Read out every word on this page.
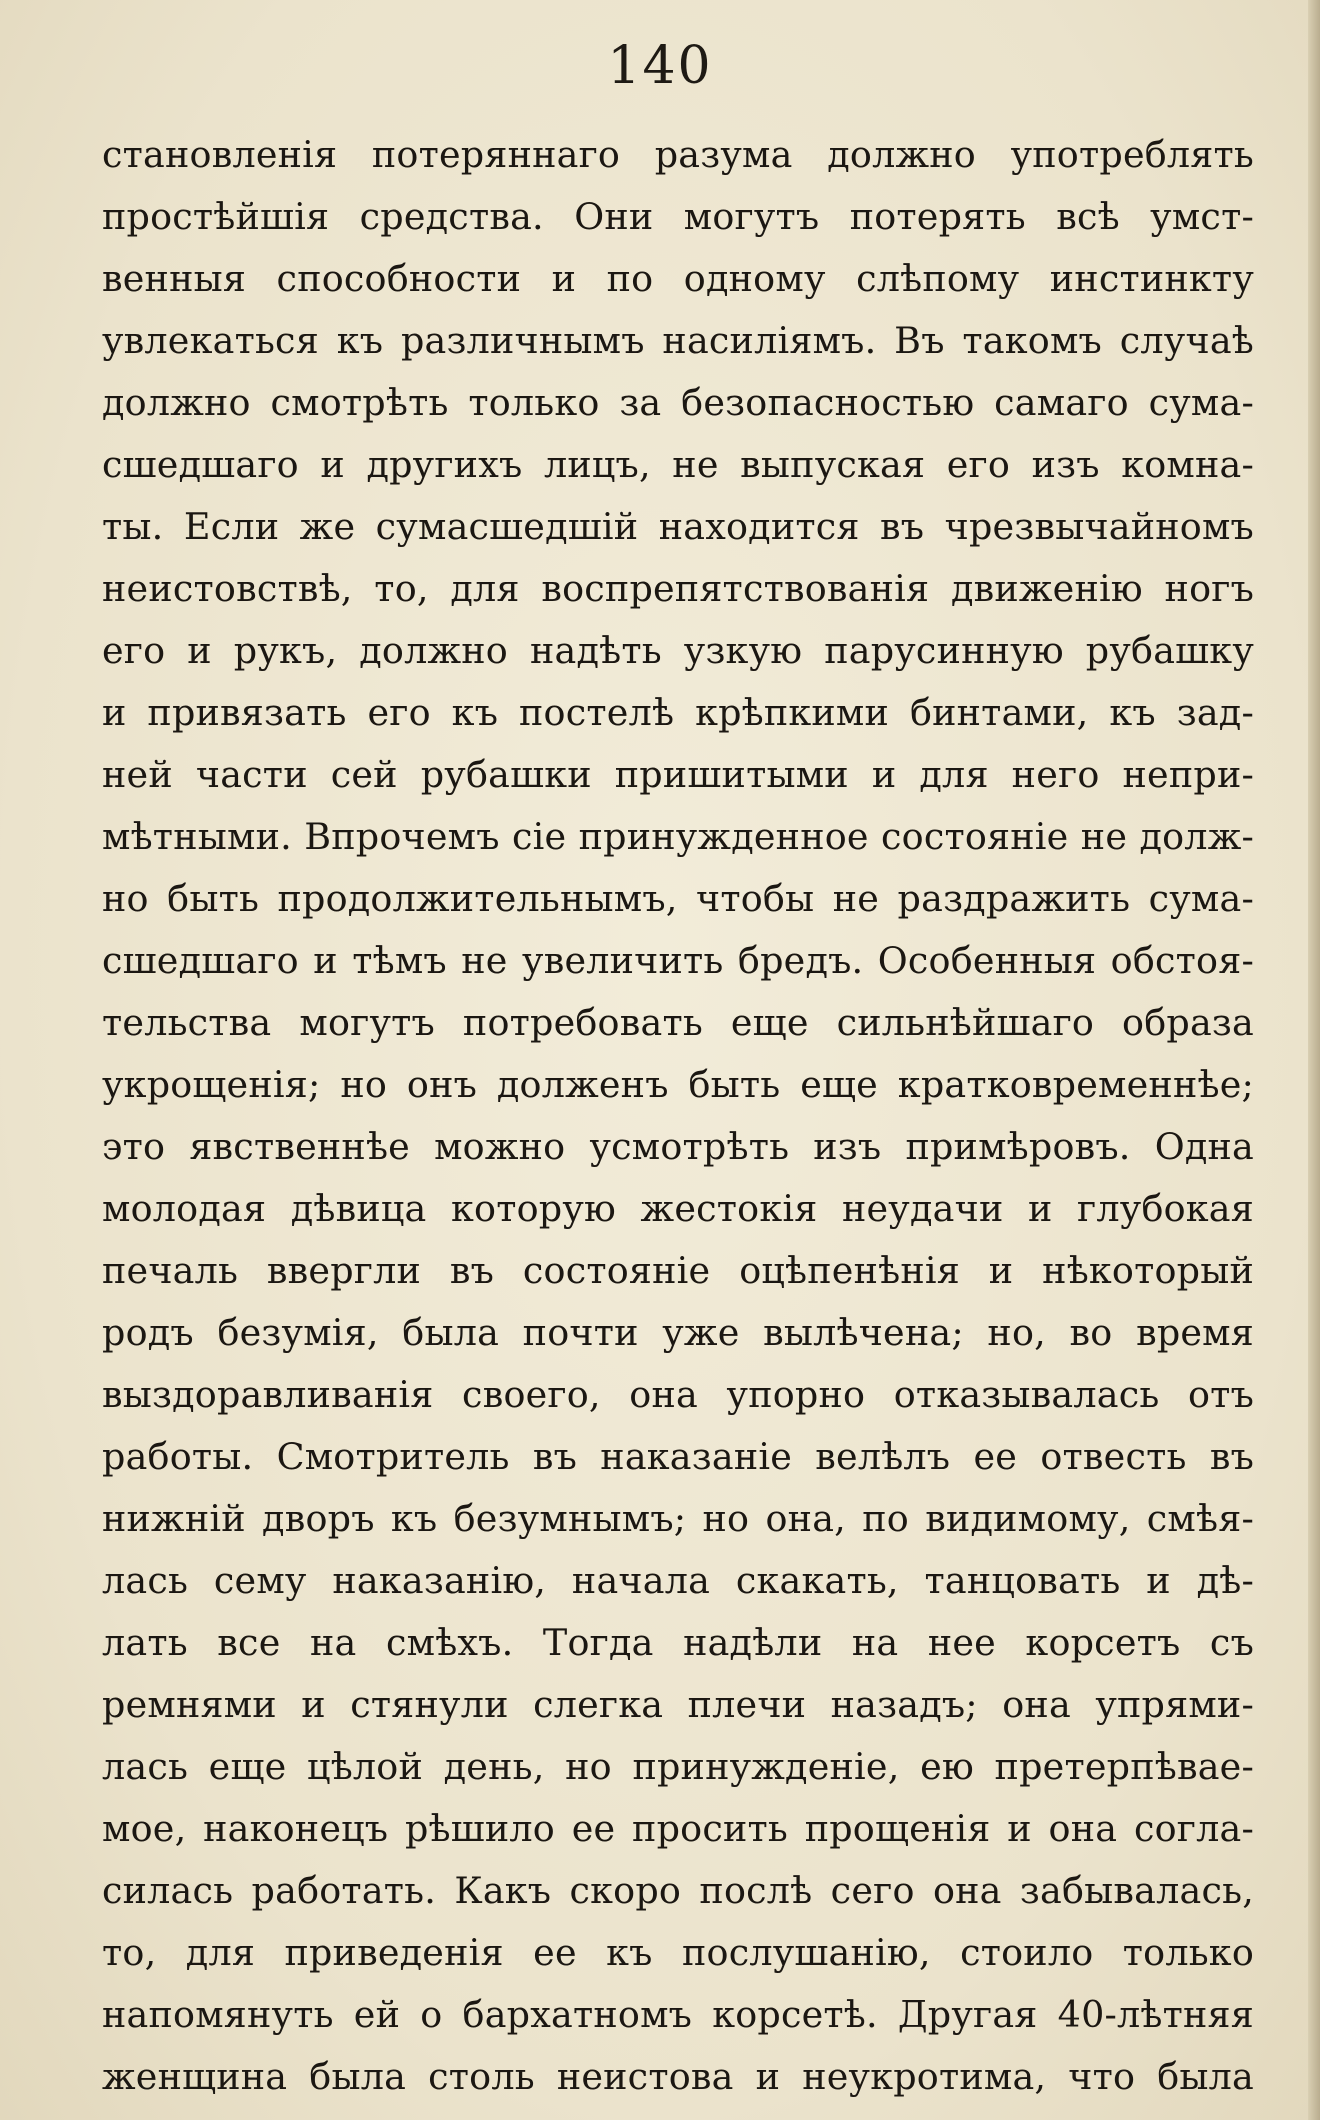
140
становленія потеряннаго разума должно употреблять
простѣйшія средства. Они могутъ потерять всѣ умст-
венныя способности и по одному слѣпому инстинкту
увлекаться къ различнымъ насиліямъ. Въ такомъ случаѣ
должно смотрѣть только за безопасностью самаго сума-
сшедшаго и другихъ лицъ, не выпуская его изъ комна-
ты. Если же сумасшедшій находится въ чрезвычайномъ
неистовствѣ, то, для воспрепятствованія движенію ногъ
его и рукъ, должно надѣть узкую парусинную рубашку
и привязать его къ постелѣ крѣпкими бинтами, къ зад-
ней части сей рубашки пришитыми и для него непри-
мѣтными. Впрочемъ сіе принужденное состояніе не долж-
но быть продолжительнымъ, чтобы не раздражить сума-
сшедшаго и тѣмъ не увеличить бредъ. Особенныя обстоя-
тельства могутъ потребовать еще сильнѣйшаго образа
укрощенія; но онъ долженъ быть еще кратковременнѣе;
это явственнѣе можно усмотрѣть изъ примѣровъ. Одна
молодая дѣвица которую жестокія неудачи и глубокая
печаль ввергли въ состояніе оцѣпенѣнія и нѣкоторый
родъ безумія, была почти уже вылѣчена; но, во время
выздоравливанія своего, она упорно отказывалась отъ
работы. Смотритель въ наказаніе велѣлъ ее отвесть въ
нижній дворъ къ безумнымъ; но она, по видимому, смѣя-
лась сему наказанію, начала скакать, танцовать и дѣ-
лать все на смѣхъ. Тогда надѣли на нее корсетъ съ
ремнями и стянули слегка плечи назадъ; она упрями-
лась еще цѣлой день, но принужденіе, ею претерпѣвае-
мое, наконецъ рѣшило ее просить прощенія и она согла-
силась работать. Какъ скоро послѣ сего она забывалась,
то, для приведенія ее къ послушанію, стоило только
напомянуть ей о бархатномъ корсетѣ. Другая 40-лѣтняя
женщина была столь неистова и неукротима, что была
